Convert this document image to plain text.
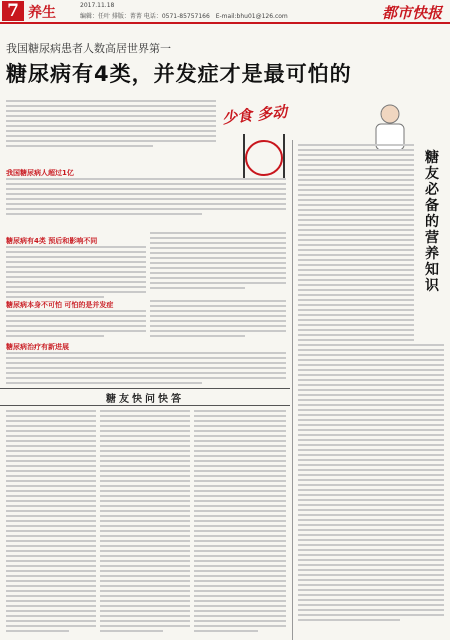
7 养生	2017.11.18
编辑：任叶 排版：菁菁 电话：0571-85757166 E-mail:bhu01@126.com	都市快报
我国糖尿病患者人数高居世界第一
糖尿病有4类，并发症才是最可怕的
少食 多动
我国糖尿病人超过1亿
糖尿病有4类 预后和影响不同
糖尿病本身不可怕 可怕的是并发症
糖尿病治疗有新进展
糖友快问快答
糖友必备的营养知识
